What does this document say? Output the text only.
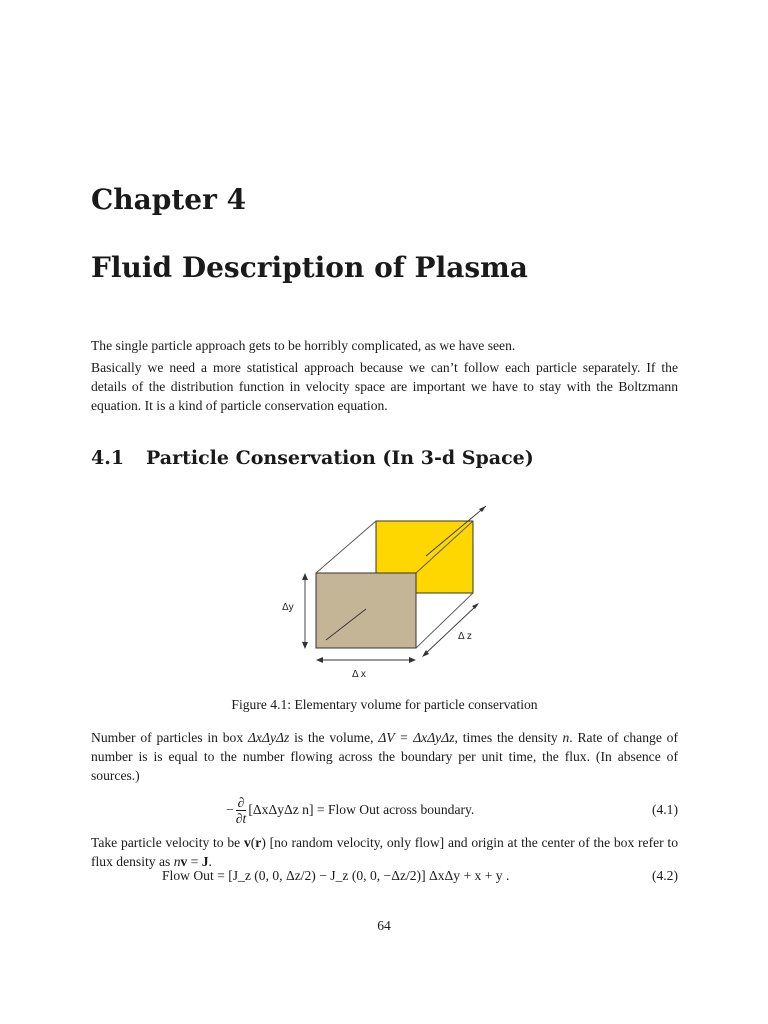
Chapter 4
Fluid Description of Plasma

The single particle approach gets to be horribly complicated, as we have seen.

Basically we need a more statistical approach because we can’t follow each particle separately. If the details of the distribution function in velocity space are important we have to stay with the Boltzmann equation. It is a kind of particle conservation equation.

4.1 Particle Conservation (In 3-d Space)
Δy
Δ z
Δ x

Figure 4.1: Elementary volume for particle conservation

Number of particles in box ΔxΔyΔz is the volume, ΔV = ΔxΔyΔz, times the density n. Rate of change of number is is equal to the number flowing across the boundary per unit time, the flux. (In absence of sources.)

− $\frac{\partial}{\partial t} [\Delta x\Delta y\Delta z$ n] = Flow Out across boundary.	(4.1)

Take particle velocity to be v(r) [no random velocity, only flow] and origin at the center of the box refer to flux density as nv = J.

Flow Out = [J_z (0, 0, Δz/2) − J_z (0, 0, −Δz/2)] ΔxΔy + x + y .	(4.2)
64
